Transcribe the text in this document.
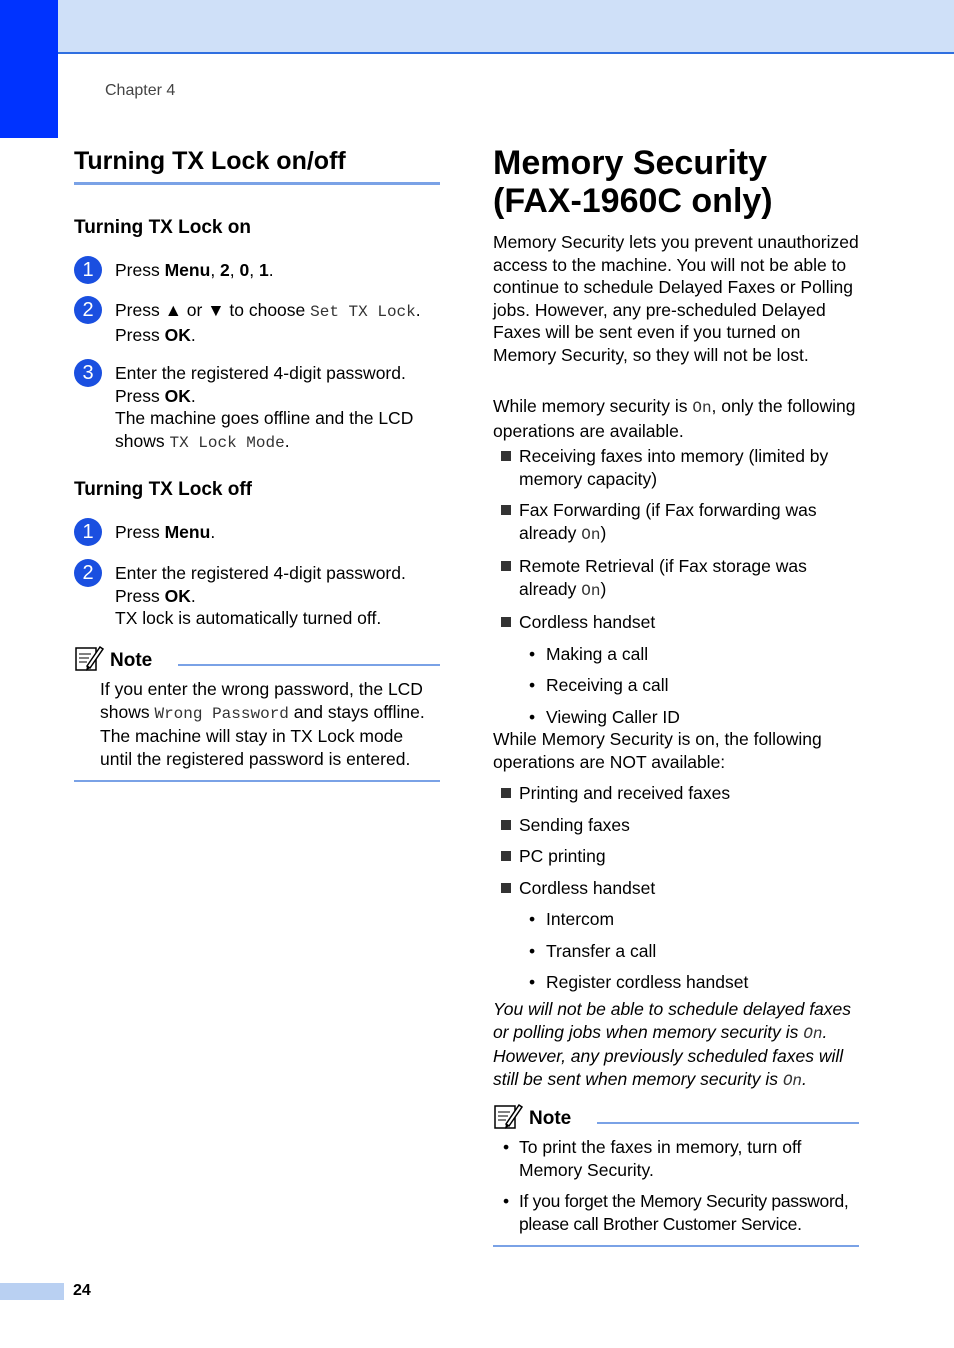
Chapter 4
Turning TX Lock on/off
Turning TX Lock on
1	Press Menu, 2, 0, 1.

2	Press ▲ or ▼ to choose Set TX Lock.
Press OK.

3	Enter the registered 4-digit password.
Press OK.
The machine goes offline and the LCD
shows TX Lock Mode.

Turning TX Lock off
1	Press Menu.

2	Enter the registered 4-digit password.
Press OK.
TX lock is automatically turned off.

Note

If you enter the wrong password, the LCD shows Wrong Password and stays offline. The machine will stay in TX Lock mode until the registered password is entered.

Memory Security
(FAX-1960C only)

Memory Security lets you prevent unauthorized access to the machine. You will not be able to continue to schedule Delayed Faxes or Polling jobs. However, any pre-scheduled Delayed Faxes will be sent even if you turned on Memory Security, so they will not be lost.

While memory security is On, only the following operations are available.

Receiving faxes into memory (limited by memory capacity)
Fax Forwarding (if Fax forwarding was already On)
Remote Retrieval (if Fax storage was already On)
Cordless handset
• Making a call
• Receiving a call
• Viewing Caller ID

While Memory Security is on, the following operations are NOT available:

Printing and received faxes
Sending faxes
PC printing
Cordless handset
• Intercom
• Transfer a call
• Register cordless handset

You will not be able to schedule delayed faxes or polling jobs when memory security is On. However, any previously scheduled faxes will still be sent when memory security is On.

Note
• To print the faxes in memory, turn off Memory Security.
• If you forget the Memory Security password, please call Brother Customer Service.
24
